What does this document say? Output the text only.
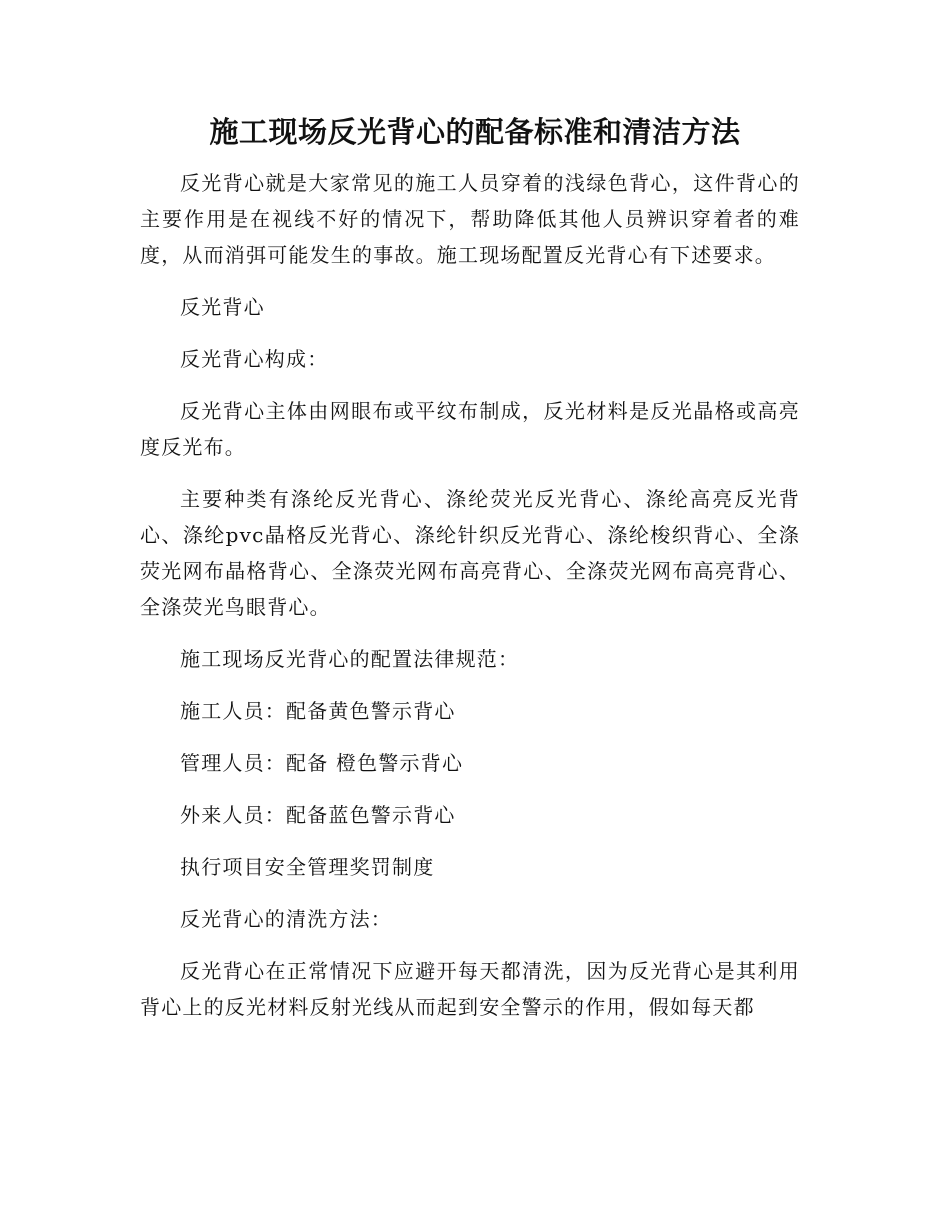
施工现场反光背心的配备标准和清洁方法

反光背心就是大家常见的施工人员穿着的浅绿色背心，这件背心的主要作用是在视线不好的情况下，帮助降低其他人员辨识穿着者的难度，从而消弭可能发生的事故。施工现场配置反光背心有下述要求。

反光背心

反光背心构成：

反光背心主体由网眼布或平纹布制成，反光材料是反光晶格或高亮度反光布。

主要种类有涤纶反光背心、涤纶荧光反光背心、涤纶高亮反光背心、涤纶pvc晶格反光背心、涤纶针织反光背心、涤纶梭织背心、全涤荧光网布晶格背心、全涤荧光网布高亮背心、全涤荧光网布高亮背心、全涤荧光鸟眼背心。

施工现场反光背心的配置法律规范：

施工人员：配备黄色警示背心

管理人员：配备 橙色警示背心

外来人员：配备蓝色警示背心

执行项目安全管理奖罚制度

反光背心的清洗方法：

反光背心在正常情况下应避开每天都清洗，因为反光背心是其利用背心上的反光材料反射光线从而起到安全警示的作用，假如每天都
